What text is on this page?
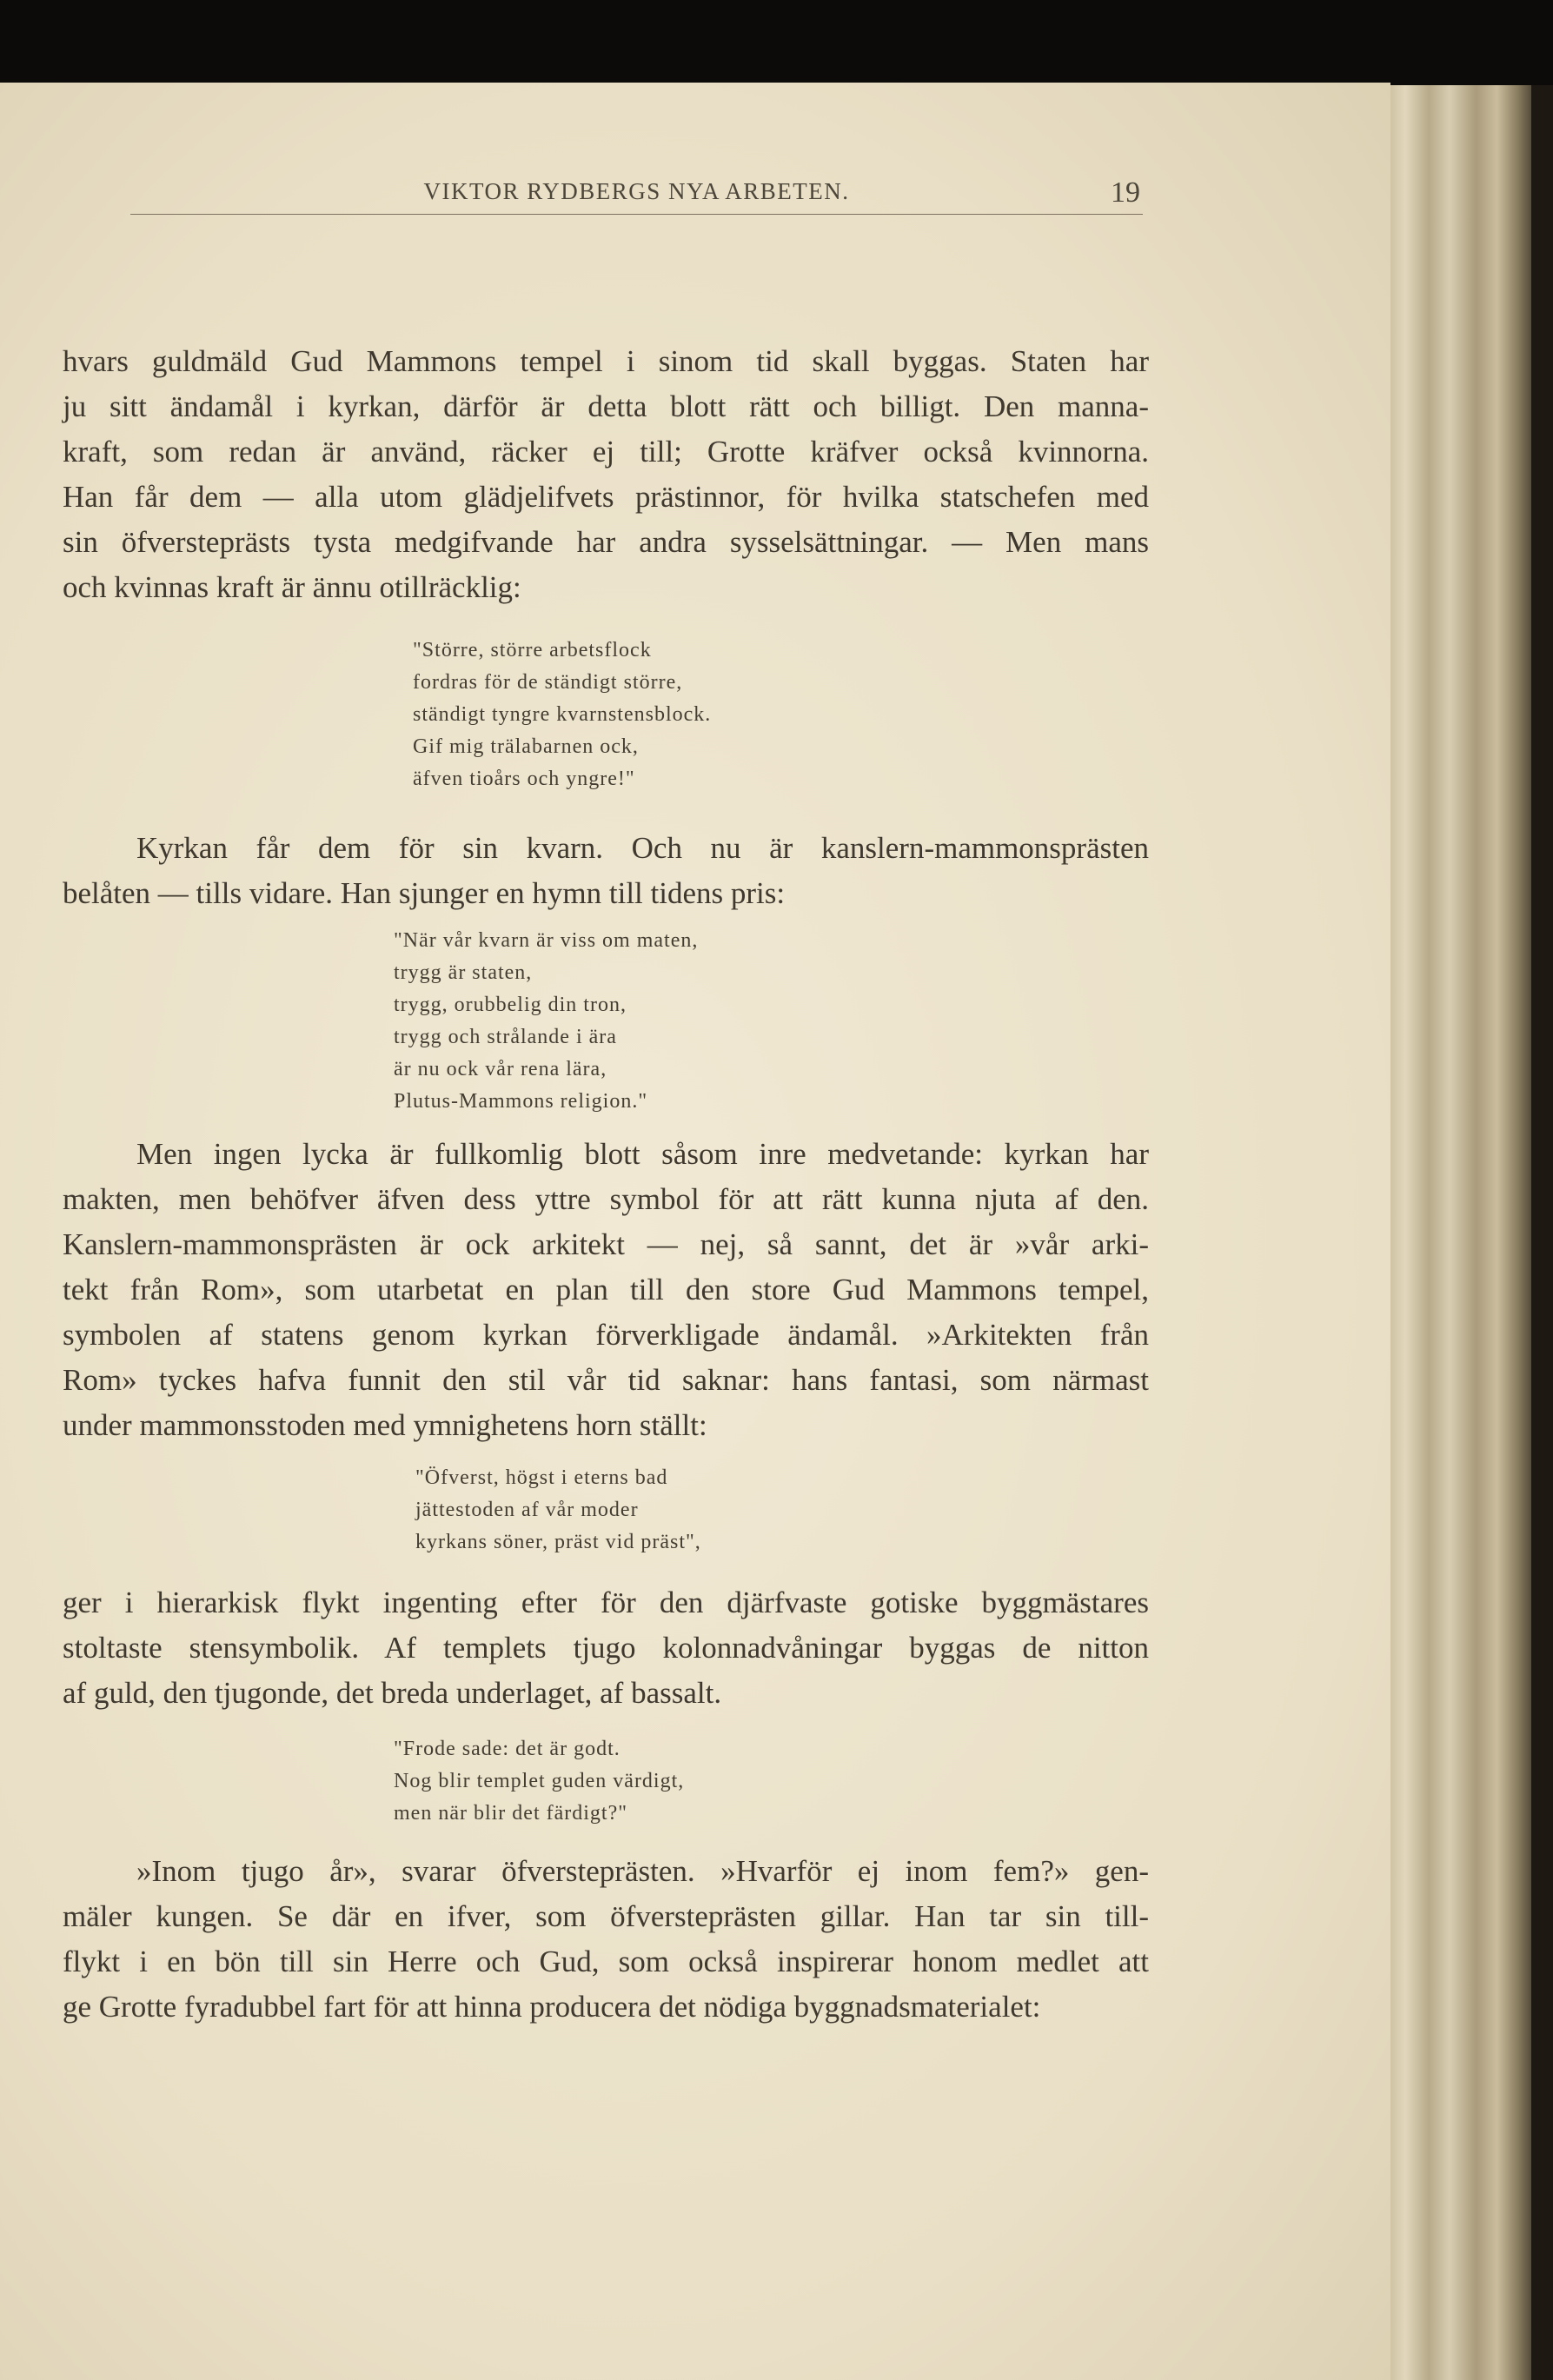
VIKTOR RYDBERGS NYA ARBETEN.	19
hvars guldmäld Gud Mammons tempel i sinom tid skall byggas. Staten har
ju sitt ändamål i kyrkan, därför är detta blott rätt och billigt. Den manna-
kraft, som redan är använd, räcker ej till; Grotte kräfver också kvinnorna.
Han får dem — alla utom glädjelifvets prästinnor, för hvilka statschefen med
sin öfversteprästs tysta medgifvande har andra sysselsättningar. — Men mans
och kvinnas kraft är ännu otillräcklig:
"Större, större arbetsflock
fordras för de ständigt större,
ständigt tyngre kvarnstensblock.
Gif mig trälabarnen ock,
äfven tioårs och yngre!"
Kyrkan får dem för sin kvarn. Och nu är kanslern-mammonsprästen
belåten — tills vidare. Han sjunger en hymn till tidens pris:
"När vår kvarn är viss om maten,
trygg är staten,
trygg, orubbelig din tron,
trygg och strålande i ära
är nu ock vår rena lära,
Plutus-Mammons religion."
Men ingen lycka är fullkomlig blott såsom inre medvetande: kyrkan har
makten, men behöfver äfven dess yttre symbol för att rätt kunna njuta af den.
Kanslern-mammonsprästen är ock arkitekt — nej, så sannt, det är »vår arki-
tekt från Rom», som utarbetat en plan till den store Gud Mammons tempel,
symbolen af statens genom kyrkan förverkligade ändamål. »Arkitekten från
Rom» tyckes hafva funnit den stil vår tid saknar: hans fantasi, som närmast
under mammonsstoden med ymnighetens horn ställt:
"Öfverst, högst i eterns bad
jättestoden af vår moder
kyrkans söner, präst vid präst",
ger i hierarkisk flykt ingenting efter för den djärfvaste gotiske byggmästares
stoltaste stensymbolik. Af templets tjugo kolonnadvåningar byggas de nitton
af guld, den tjugonde, det breda underlaget, af bassalt.
"Frode sade: det är godt.
Nog blir templet guden värdigt,
men när blir det färdigt?"
»Inom tjugo år», svarar öfversteprästen. »Hvarför ej inom fem?» gen-
mäler kungen. Se där en ifver, som öfversteprästen gillar. Han tar sin till-
flykt i en bön till sin Herre och Gud, som också inspirerar honom medlet att
ge Grotte fyradubbel fart för att hinna producera det nödiga byggnadsmaterialet:
